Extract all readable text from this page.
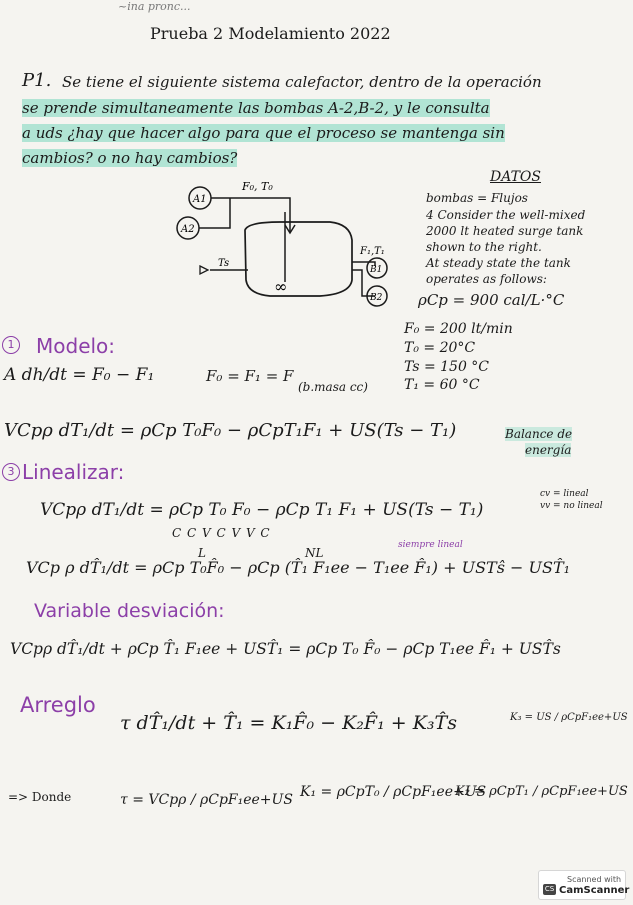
~ina pronc...
Prueba 2 Modelamiento 2022
P1. Se tiene el siguiente sistema calefactor, dentro de la operación
se prende simultaneamente las bombas A-2,B-2, y le consulta
a uds ¿hay que hacer algo para que el proceso se mantenga sin
cambios? o no hay cambios?
A1
A2
F₀, T₀
∞
Ts
F₁,T₁
B1
B2
DATOS
bombas = Flujos
4 Consider the well-mixed
2000 lt heated surge tank
shown to the right.
At steady state the tank
operates as follows:
ρCp = 900 cal/L·°C
F₀ = 200 lt/min
T₀ = 20°C
Ts = 150 °C
T₁ = 60 °C
1 Modelo:
A dh/dt = F₀ − F₁	F₀ = F₁ = F
(b.masa cc)
VCpρ dT₁/dt = ρCp T₀F₀ − ρCpT₁F₁ + US(Ts − T₁)	Balance de
energía
3 Linealizar:
VCpρ dT₁/dt = ρCp T₀ F₀ − ρCp T₁ F₁ + US(Ts − T₁)
C C V C V V C
L	NL
cv = lineal
vv = no lineal
siempre lineal
VCp ρ dT̂₁/dt = ρCp T₀F̂₀ − ρCp (T̂₁ F₁ee − T₁ee F̂₁) + USTŝ − UST̂₁
Variable desviación:
VCpρ dT̂₁/dt + ρCp T̂₁ F₁ee + UST̂₁ = ρCp T₀ F̂₀ − ρCp T₁ee F̂₁ + UST̂s
Arreglo
τ dT̂₁/dt + T̂₁ = K₁F̂₀ − K₂F̂₁ + K₃T̂s	K₃ = US / ρCpF₁ee+US
=> Donde	τ = VCpρ / ρCpF₁ee+US K₁ = ρCpT₀ / ρCpF₁ee+US
K₂ = ρCpT₁ / ρCpF₁ee+US
Scanned with
CS CamScanner
